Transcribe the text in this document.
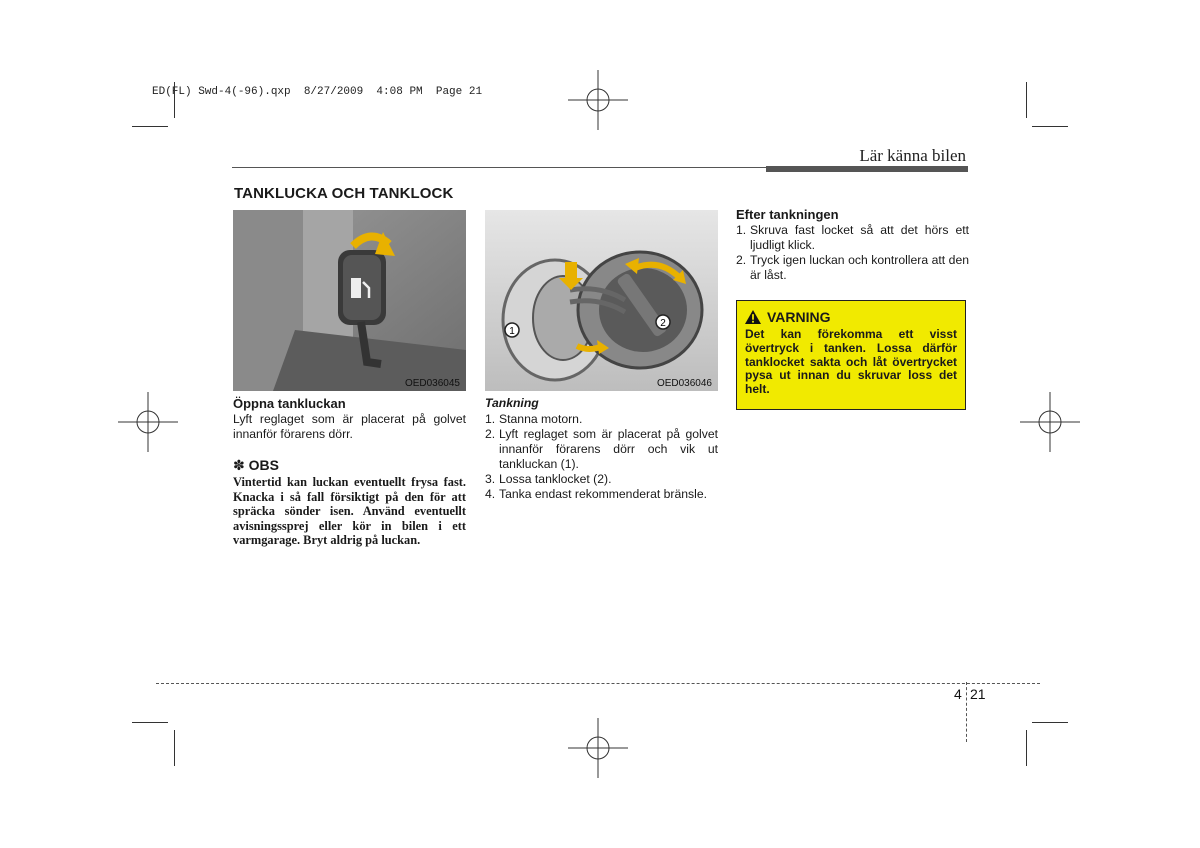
ED(FL) Swd-4(-96).qxp  8/27/2009  4:08 PM  Page 21
Lär känna bilen
TANKLUCKA OCH TANKLOCK
OED036045
1
2
OED036046
Öppna tankluckan

Lyft reglaget som är placerat på golvet innanför förarens dörr.

✽ OBS
Vintertid kan luckan eventuellt frysa fast. Knacka i så fall försiktigt på den för att spräcka sönder isen. Använd eventuellt avisningssprej eller kör in bilen i ett varmgarage. Bryt aldrig på luckan.
Tankning
1. Stanna motorn.
2. Lyft reglaget som är placerat på golvet innanför förarens dörr och vik ut tankluckan (1).
3. Lossa tanklocket (2).
4. Tanka endast rekommenderat bränsle.
Efter tankningen
1. Skruva fast locket så att det hörs ett ljudligt klick.
2. Tryck igen luckan och kontrollera att den är låst.
VARNING
Det kan förekomma ett visst övertryck i tanken. Lossa därför tanklocket sakta och låt övertrycket pysa ut innan du skruvar loss det helt.
4 21
